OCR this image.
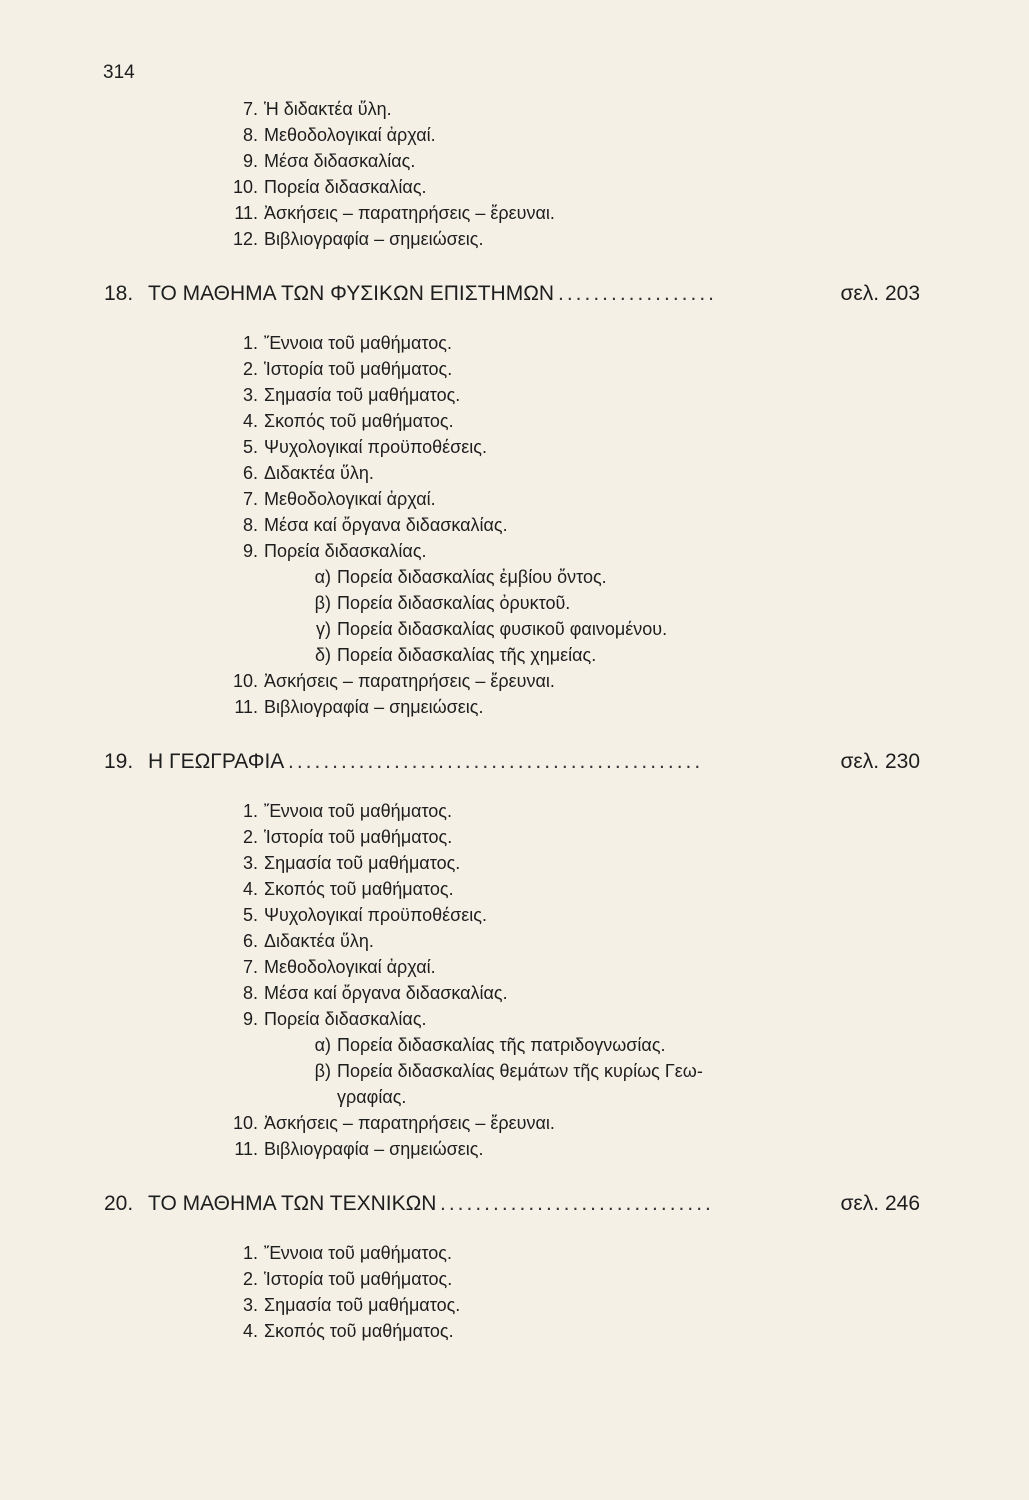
314
7. Ἡ διδακτέα ὕλη.
8. Μεθοδολογικαί ἀρχαί.
9. Μέσα διδασκαλίας.
10. Πορεία διδασκαλίας.
11. Ἀσκήσεις – παρατηρήσεις – ἔρευναι.
12. Βιβλιογραφία – σημειώσεις.
18. ΤΟ ΜΑΘΗΜΑ ΤΩΝ ΦΥΣΙΚΩΝ ΕΠΙΣΤΗΜΩΝ ..................	σελ. 203
1. Ἔννοια τοῦ μαθήματος.
2. Ἱστορία τοῦ μαθήματος.
3. Σημασία τοῦ μαθήματος.
4. Σκοπός τοῦ μαθήματος.
5. Ψυχολογικαί προϋποθέσεις.
6. Διδακτέα ὕλη.
7. Μεθοδολογικαί ἀρχαί.
8. Μέσα καί ὄργανα διδασκαλίας.
9. Πορεία διδασκαλίας.
α) Πορεία διδασκαλίας ἐμβίου ὄντος.
β) Πορεία διδασκαλίας ὀρυκτοῦ.
γ) Πορεία διδασκαλίας φυσικοῦ φαινομένου.
δ) Πορεία διδασκαλίας τῆς χημείας.
10. Ἀσκήσεις – παρατηρήσεις – ἔρευναι.
11. Βιβλιογραφία – σημειώσεις.
19. Η ΓΕΩΓΡΑΦΙΑ ...............................................	σελ. 230
1. Ἔννοια τοῦ μαθήματος.
2. Ἱστορία τοῦ μαθήματος.
3. Σημασία τοῦ μαθήματος.
4. Σκοπός τοῦ μαθήματος.
5. Ψυχολογικαί προϋποθέσεις.
6. Διδακτέα ὕλη.
7. Μεθοδολογικαί ἀρχαί.
8. Μέσα καί ὄργανα διδασκαλίας.
9. Πορεία διδασκαλίας.
α) Πορεία διδασκαλίας τῆς πατριδογνωσίας.
β) Πορεία διδασκαλίας θεμάτων τῆς κυρίως Γεω-
γραφίας.
10. Ἀσκήσεις – παρατηρήσεις – ἔρευναι.
11. Βιβλιογραφία – σημειώσεις.
20. ΤΟ ΜΑΘΗΜΑ ΤΩΝ ΤΕΧΝΙΚΩΝ ...............................	σελ. 246
1. Ἔννοια τοῦ μαθήματος.
2. Ἱστορία τοῦ μαθήματος.
3. Σημασία τοῦ μαθήματος.
4. Σκοπός τοῦ μαθήματος.
